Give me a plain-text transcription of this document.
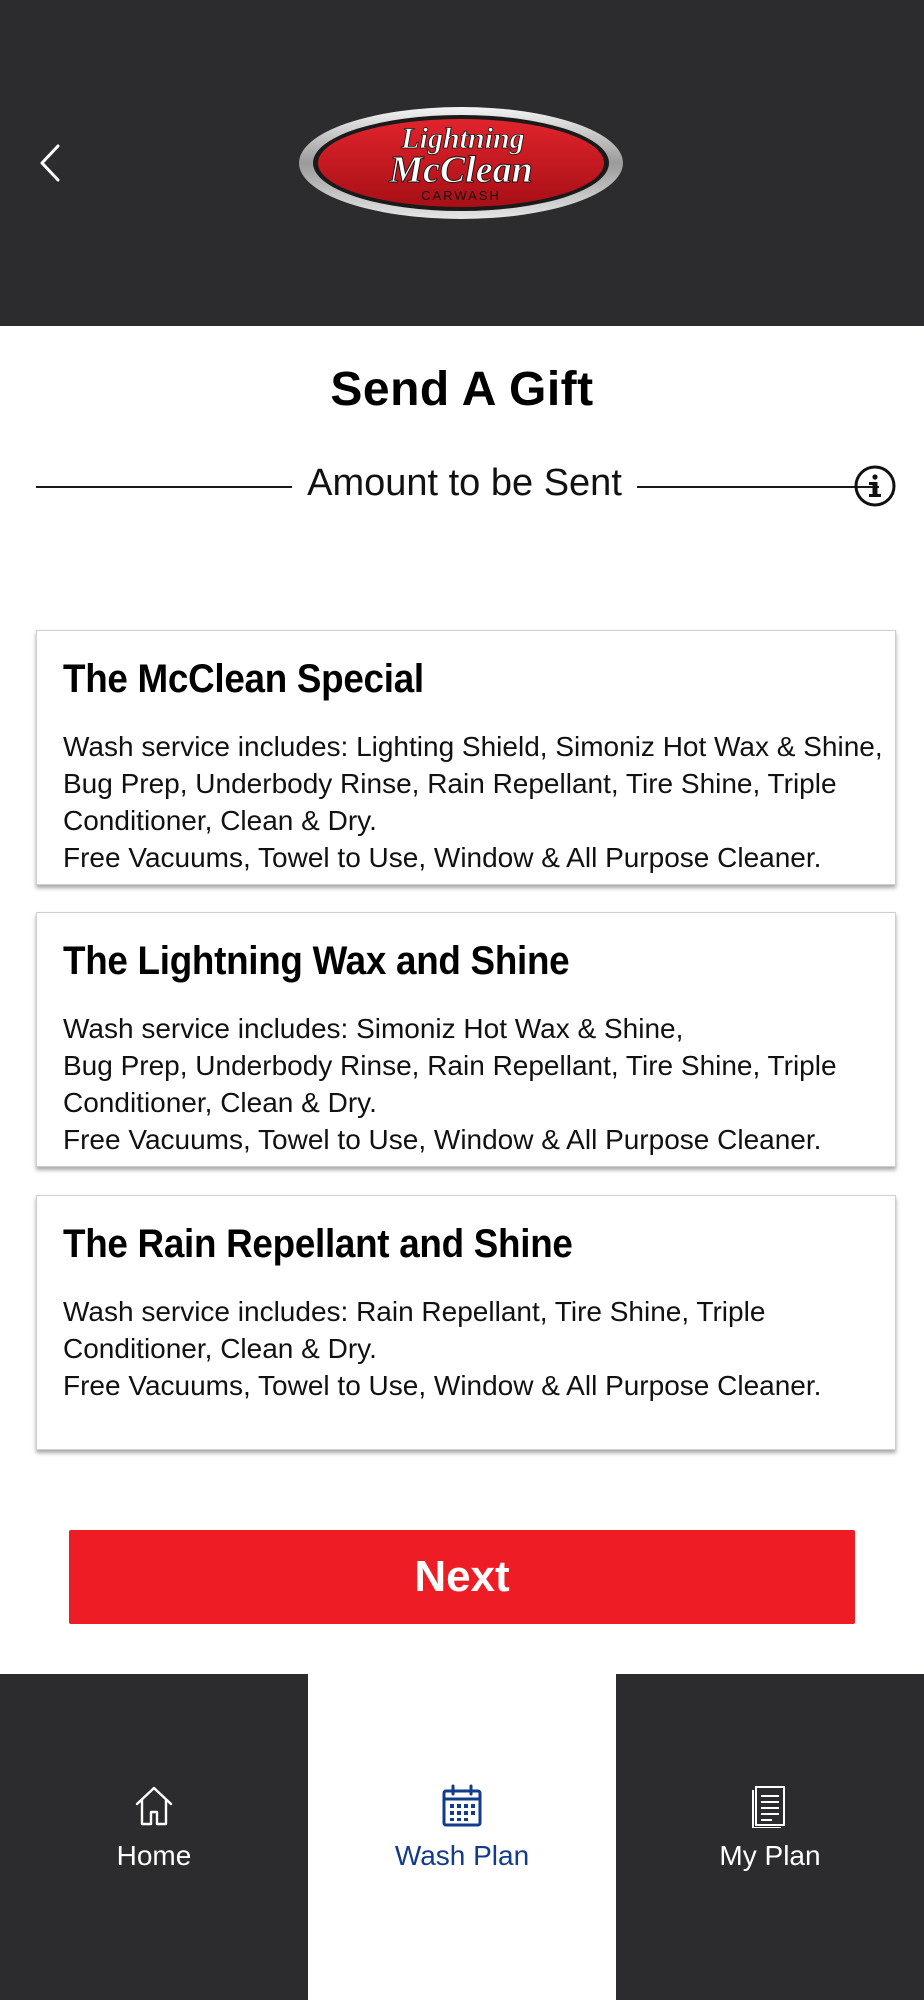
Lightning
McClean
CARWASH
Send A Gift
Amount to be Sent
The McClean Special
Wash service includes: Lighting Shield, Simoniz Hot Wax & Shine,
Bug Prep, Underbody Rinse, Rain Repellant, Tire Shine, Triple Conditioner, Clean & Dry.
Free Vacuums, Towel to Use, Window & All Purpose Cleaner.
The Lightning Wax and Shine
Wash service includes: Simoniz Hot Wax & Shine,
Bug Prep, Underbody Rinse, Rain Repellant, Tire Shine, Triple Conditioner, Clean & Dry.
Free Vacuums, Towel to Use, Window & All Purpose Cleaner.
The Rain Repellant and Shine
Wash service includes: Rain Repellant, Tire Shine, Triple Conditioner, Clean & Dry.
Free Vacuums, Towel to Use, Window & All Purpose Cleaner.
Next
Home	Wash Plan	My Plan
